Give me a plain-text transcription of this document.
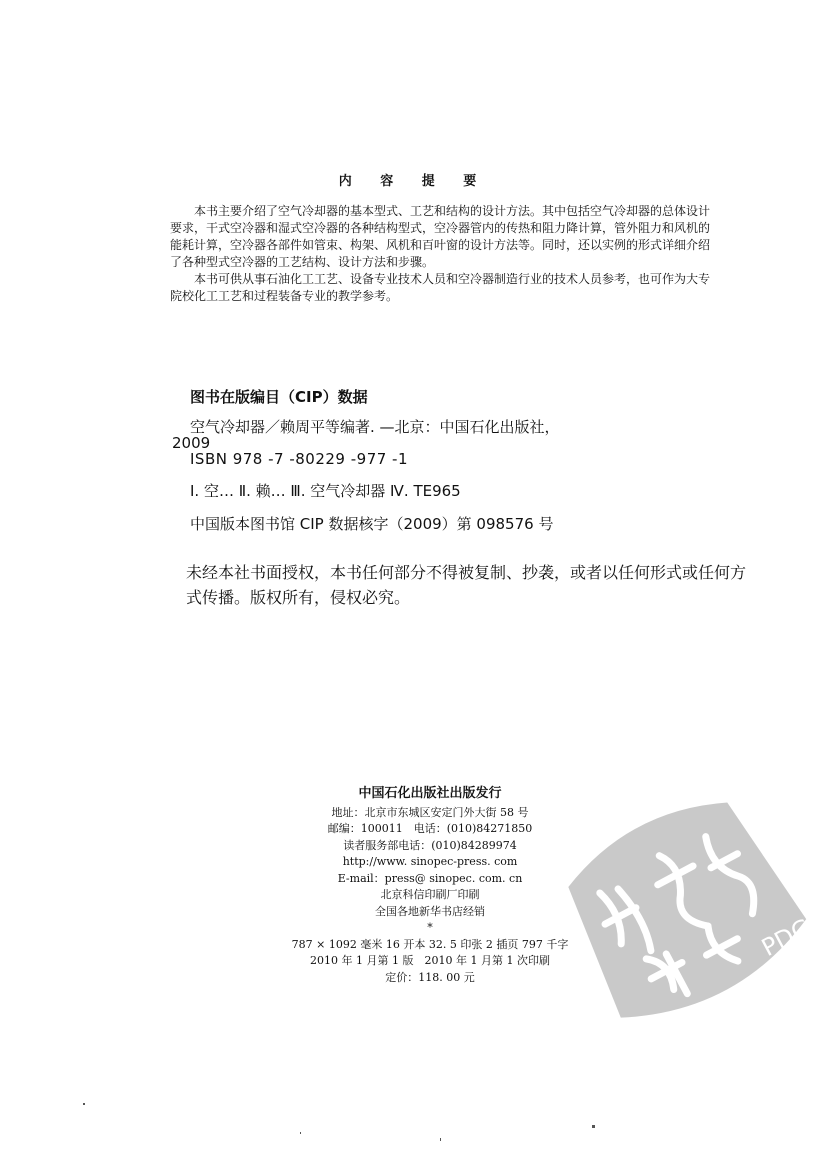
内 容 提 要

本书主要介绍了空气冷却器的基本型式、工艺和结构的设计方法。其中包括空气冷却器的总体设计要求，干式空冷器和湿式空冷器的各种结构型式，空冷器管内的传热和阻力降计算，管外阻力和风机的能耗计算，空冷器各部件如管束、构架、风机和百叶窗的设计方法等。同时，还以实例的形式详细介绍了各种型式空冷器的工艺结构、设计方法和步骤。

本书可供从事石油化工工艺、设备专业技术人员和空冷器制造行业的技术人员参考，也可作为大专院校化工工艺和过程装备专业的教学参考。

图书在版编目（CIP）数据
空气冷却器／赖周平等编著. —北京：中国石化出版社，
2009
ISBN 978 -7 -80229 -977 -1
Ⅰ. 空… Ⅱ. 赖… Ⅲ. 空气冷却器 Ⅳ. TE965
中国版本图书馆 CIP 数据核字（2009）第 098576 号
未经本社书面授权，本书任何部分不得被复制、抄袭，或者以任何形式或任何方式传播。版权所有，侵权必究。
中国石化出版社出版发行
地址：北京市东城区安定门外大街 58 号
邮编：100011　电话：(010)84271850
读者服务部电话：(010)84289974
http://www. sinopec-press. com
E-mail：press@ sinopec. com. cn
北京科信印刷厂印刷
全国各地新华书店经销
*
787 × 1092 毫米 16 开本 32. 5 印张 2 插页 797 千字
2010 年 1 月第 1 版　2010 年 1 月第 1 次印刷
定价：118. 00 元
PDG
